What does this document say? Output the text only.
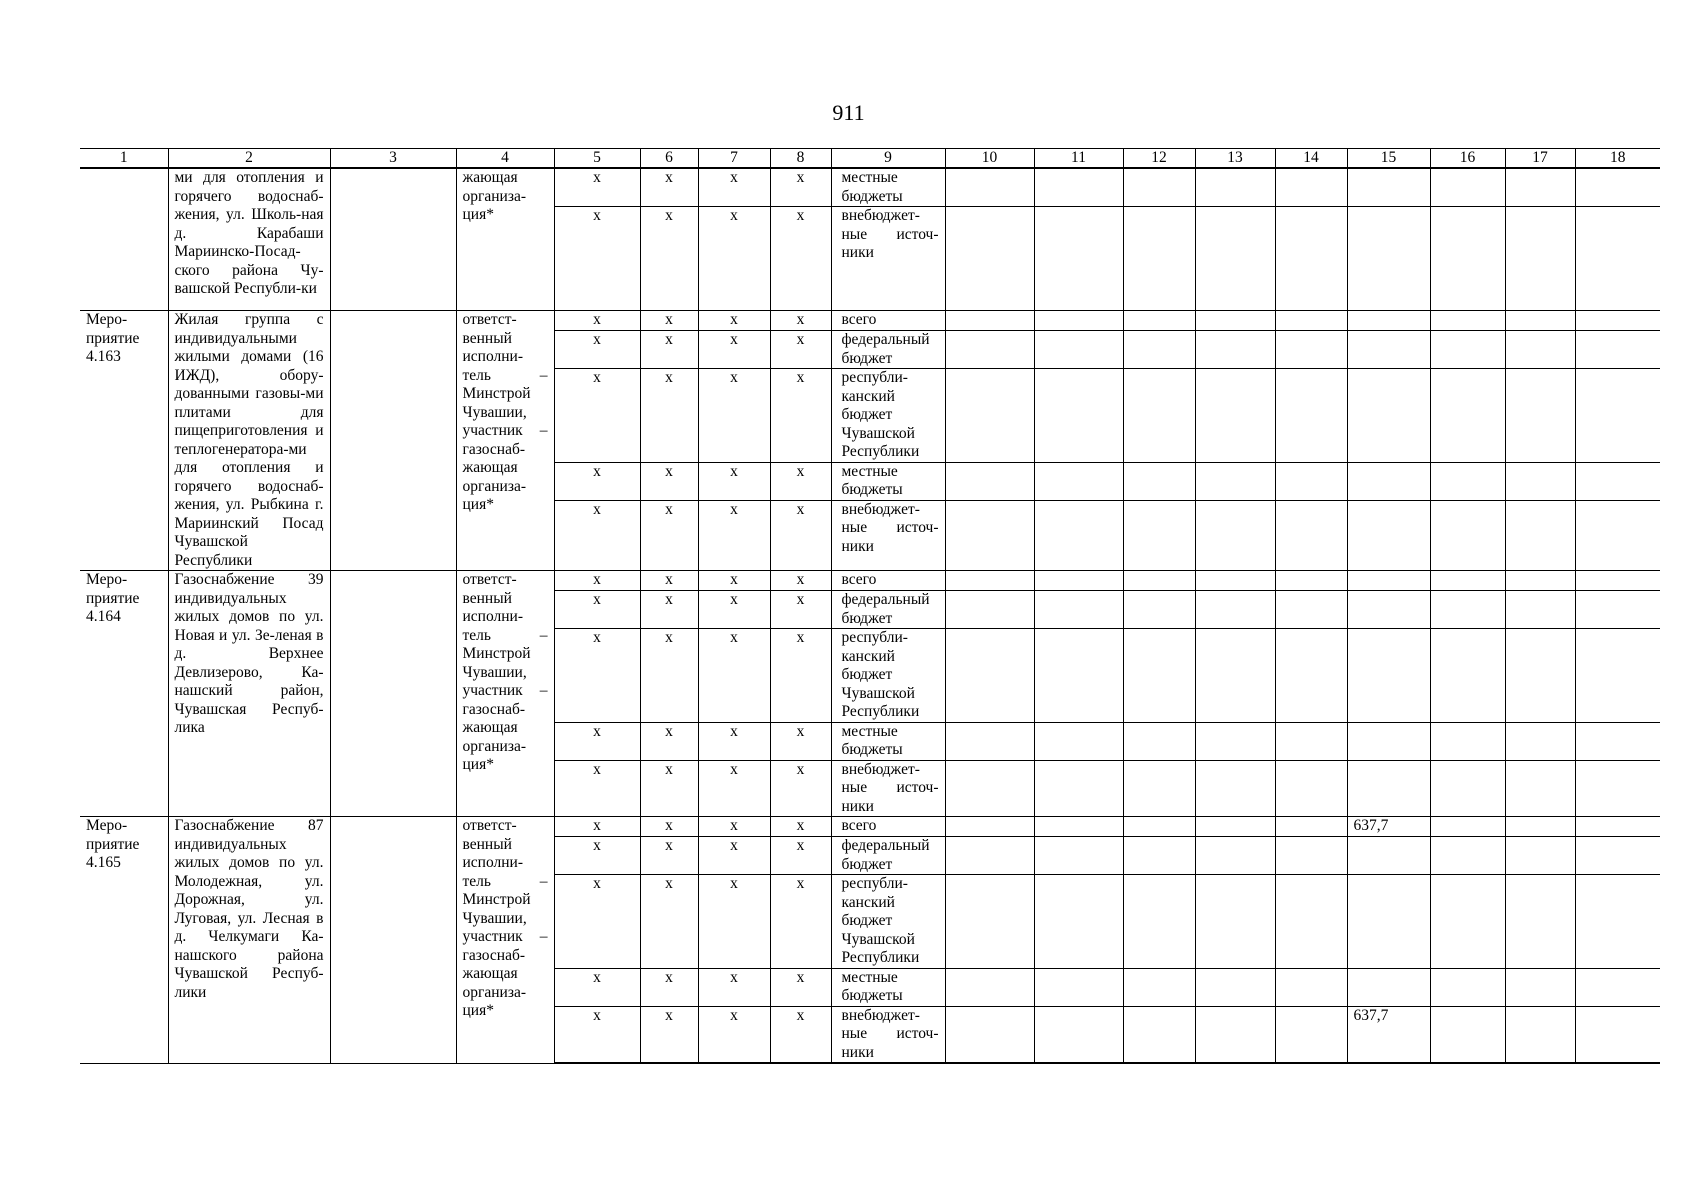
911
1	2	3	4	5	6	7	8	9	10	11	12	13	14	15	16	17	18
	ми для отопления и горячего водоснаб-жения, ул. Школь-ная д. Карабаши Мариинско-Посад-ского района Чу-вашской Республи-ки		жающая организа-ция*	х	х	х	х	местные бюджеты									
				х	х	х	х	внебюджет-ные источ-ники									
Меро-приятие 4.163	Жилая группа с индивидуальными жилыми домами (16 ИЖД), обору-дованными газовы-ми плитами для пищеприготовления и теплогенератора-ми для отопления и горячего водоснаб-жения, ул. Рыбкина г. Мариинский Посад Чувашской Республики		ответст-венный исполни-тель – Минстрой Чувашии, участник – газоснаб-жающая организа-ция*	х	х	х	х	всего									
				х	х	х	х	федеральный бюджет									
				х	х	х	х	республи-канский бюджет Чувашской Республики									
				х	х	х	х	местные бюджеты									
				х	х	х	х	внебюджет-ные источ-ники									
Меро-приятие 4.164	Газоснабжение 39 индивидуальных жилых домов по ул. Новая и ул. Зе-леная в д. Верхнее Девлизерово, Ка-нашский район, Чувашская Респуб-лика		ответст-венный исполни-тель – Минстрой Чувашии, участник – газоснаб-жающая организа-ция*	х	х	х	х	всего									
				х	х	х	х	федеральный бюджет									
				х	х	х	х	республи-канский бюджет Чувашской Республики									
				х	х	х	х	местные бюджеты									
				х	х	х	х	внебюджет-ные источ-ники									
Меро-приятие 4.165	Газоснабжение 87 индивидуальных жилых домов по ул. Молодежная, ул. Дорожная, ул. Луговая, ул. Лесная в д. Челкумаги Ка-нашского района Чувашской Респуб-лики		ответст-венный исполни-тель – Минстрой Чувашии, участник – газоснаб-жающая организа-ция*	х	х	х	х	всего						637,7			
				х	х	х	х	федеральный бюджет									
				х	х	х	х	республи-канский бюджет Чувашской Республики									
				х	х	х	х	местные бюджеты									
				х	х	х	х	внебюджет-ные источ-ники						637,7			
